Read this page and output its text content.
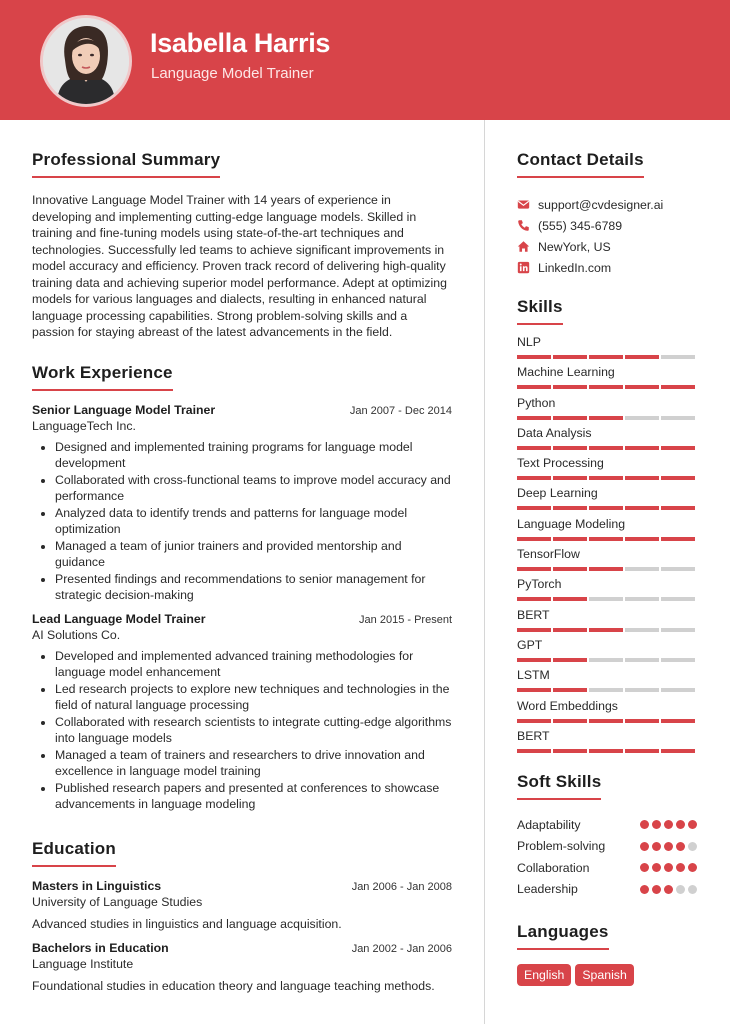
Isabella Harris
Language Model Trainer
Professional Summary

Innovative Language Model Trainer with 14 years of experience in developing and implementing cutting-edge language models. Skilled in training and fine-tuning models using state-of-the-art techniques and technologies. Successfully led teams to achieve significant improvements in model accuracy and efficiency. Proven track record of delivering high-quality training data and achieving superior model performance. Adept at optimizing models for various languages and dialects, resulting in enhanced natural language processing capabilities. Strong problem-solving skills and a passion for staying abreast of the latest advancements in the field.

Work Experience
Senior Language Model Trainer	Jan 2007 - Dec 2014
LanguageTech Inc.
Designed and implemented training programs for language model development
Collaborated with cross-functional teams to improve model accuracy and performance
Analyzed data to identify trends and patterns for language model optimization
Managed a team of junior trainers and provided mentorship and guidance
Presented findings and recommendations to senior management for strategic decision-making
Lead Language Model Trainer	Jan 2015 - Present
AI Solutions Co.
Developed and implemented advanced training methodologies for language model enhancement
Led research projects to explore new techniques and technologies in the field of natural language processing
Collaborated with research scientists to integrate cutting-edge algorithms into language models
Managed a team of trainers and researchers to drive innovation and excellence in language model training
Published research papers and presented at conferences to showcase advancements in language modeling
Education
Masters in Linguistics	Jan 2006 - Jan 2008
University of Language Studies
Advanced studies in linguistics and language acquisition.
Bachelors in Education	Jan 2002 - Jan 2006
Language Institute
Foundational studies in education theory and language teaching methods.
Contact Details
support@cvdesigner.ai
(555) 345-6789
NewYork, US
LinkedIn.com
Skills
NLP
Machine Learning
Python
Data Analysis
Text Processing
Deep Learning
Language Modeling
TensorFlow
PyTorch
BERT
GPT
LSTM
Word Embeddings
BERT
Soft Skills
Adaptability
Problem-solving
Collaboration
Leadership
Languages
English	Spanish
